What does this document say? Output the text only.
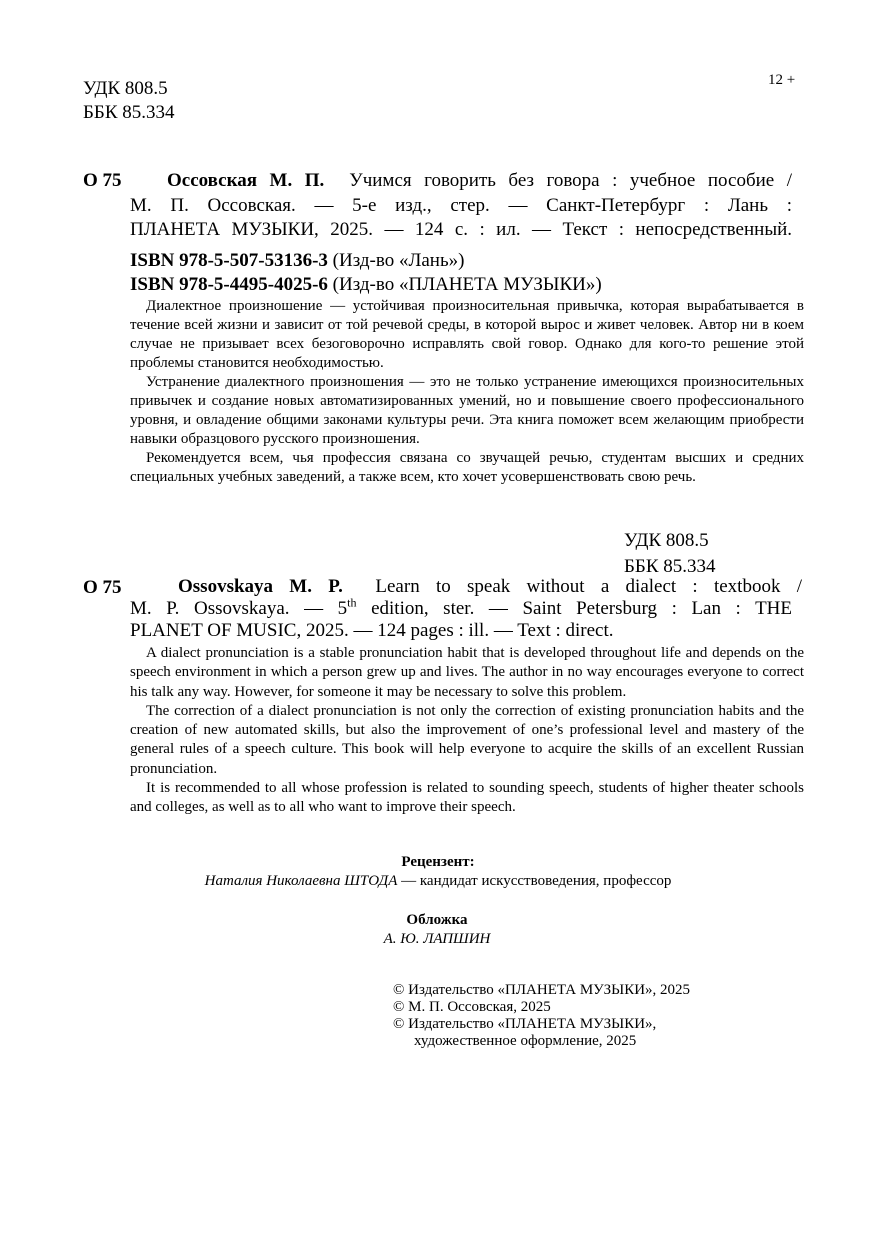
УДК 808.5
ББК 85.334
12 +
О 75 Оссовская М. П. Учимся говорить без говора : учебное пособие /
М. П. Оссовская. — 5-е изд., стер. — Санкт-Петербург : Лань :
ПЛАНЕТА МУЗЫКИ, 2025. — 124 с. : ил. — Текст : непосредственный.
ISBN 978-5-507-53136-3 (Изд-во «Лань»)
ISBN 978-5-4495-4025-6 (Изд-во «ПЛАНЕТА МУЗЫКИ»)
Диалектное произношение — устойчивая произносительная привычка, которая вырабатывается в течение всей жизни и зависит от той речевой среды, в которой вырос и живет человек. Автор ни в коем случае не призывает всех безоговорочно исправлять свой говор. Однако для кого-то решение этой проблемы становится необходимостью.
Устранение диалектного произношения — это не только устранение имеющихся произносительных привычек и создание новых автоматизированных умений, но и повышение своего профессионального уровня, и овладение общими законами культуры речи. Эта книга поможет всем желающим приобрести навыки образцового русского произношения.
Рекомендуется всем, чья профессия связана со звучащей речью, студентам высших и средних специальных учебных заведений, а также всем, кто хочет усовершенствовать свою речь.
УДК 808.5
ББК 85.334
О 75	Ossovskaya M. P. Learn to speak without a dialect : textbook /
M. P. Ossovskaya. — 5th edition, ster. — Saint Petersburg : Lan : THE
PLANET OF MUSIC, 2025. — 124 pages : ill. — Text : direct.
A dialect pronunciation is a stable pronunciation habit that is developed throughout life and depends on the speech environment in which a person grew up and lives. The author in no way encourages everyone to correct his talk any way. However, for someone it may be necessary to solve this problem.
The correction of a dialect pronunciation is not only the correction of existing pronunciation habits and the creation of new automated skills, but also the improvement of one’s professional level and mastery of the general rules of a speech culture. This book will help everyone to acquire the skills of an excellent Russian pronunciation.
It is recommended to all whose profession is related to sounding speech, students of higher theater schools and colleges, as well as to all who want to improve their speech.
Рецензент:
Наталия Николаевна ШТОДА — кандидат искусствоведения, профессор
Обложка
А. Ю. ЛАПШИН
© Издательство «ПЛАНЕТА МУЗЫКИ», 2025
© М. П. Оссовская, 2025
© Издательство «ПЛАНЕТА МУЗЫКИ»,
художественное оформление, 2025
